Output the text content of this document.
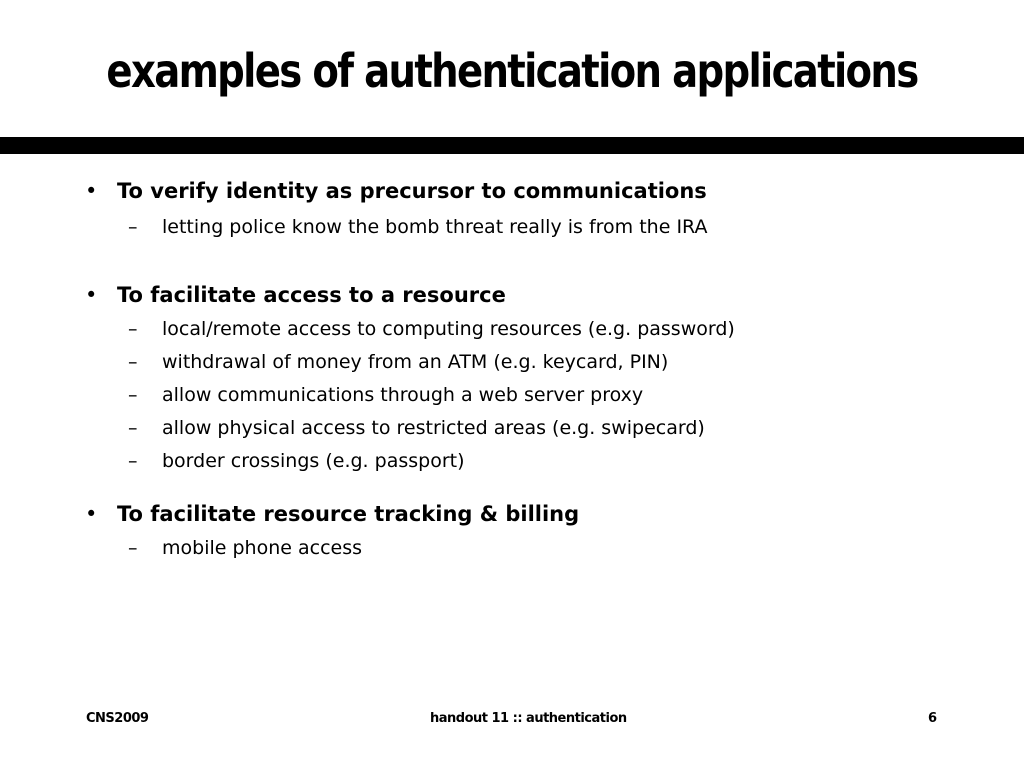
examples of authentication applications
• To verify identity as precursor to communications
– letting police know the bomb threat really is from the IRA
• To facilitate access to a resource
– local/remote access to computing resources (e.g. password)
– withdrawal of money from an ATM (e.g. keycard, PIN)
– allow communications through a web server proxy
– allow physical access to restricted areas (e.g. swipecard)
– border crossings (e.g. passport)
• To facilitate resource tracking & billing
– mobile phone access
CNS2009	handout 11 :: authentication	6
